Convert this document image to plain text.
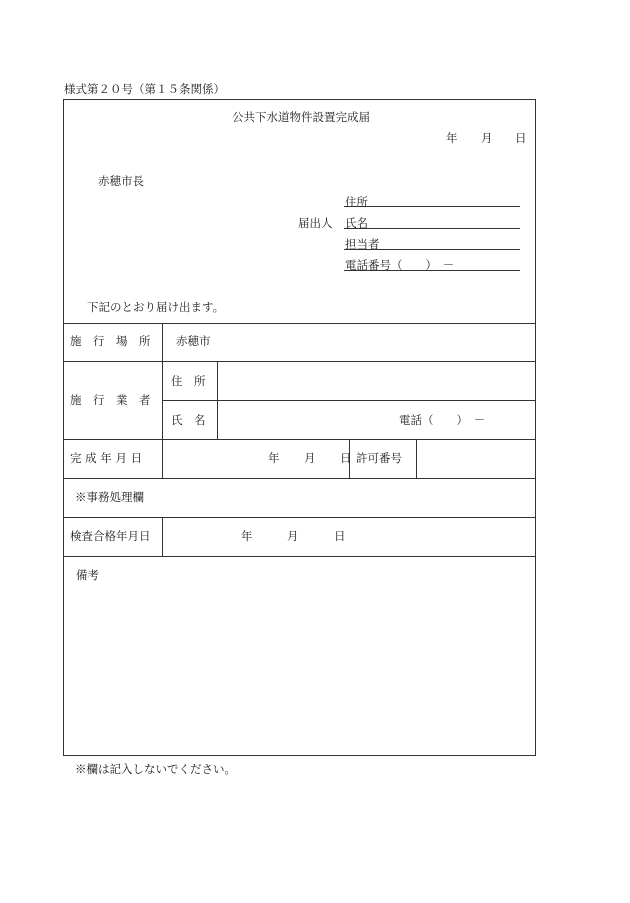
様式第２０号（第１５条関係）
公共下水道物件設置完成届
年 月 日
赤穂市長
住所
届出人 氏名
担当者
電話番号（　　）　－
下記のとおり届け出ます。
施　行　場　所 赤穂市
施　行　業　者
住　所
氏　名	電話（　　）　－
完 成 年 月 日	年 月 日 許可番号
※事務処理欄
検査合格年月日	年	月	日
備考
※欄は記入しないでください。
